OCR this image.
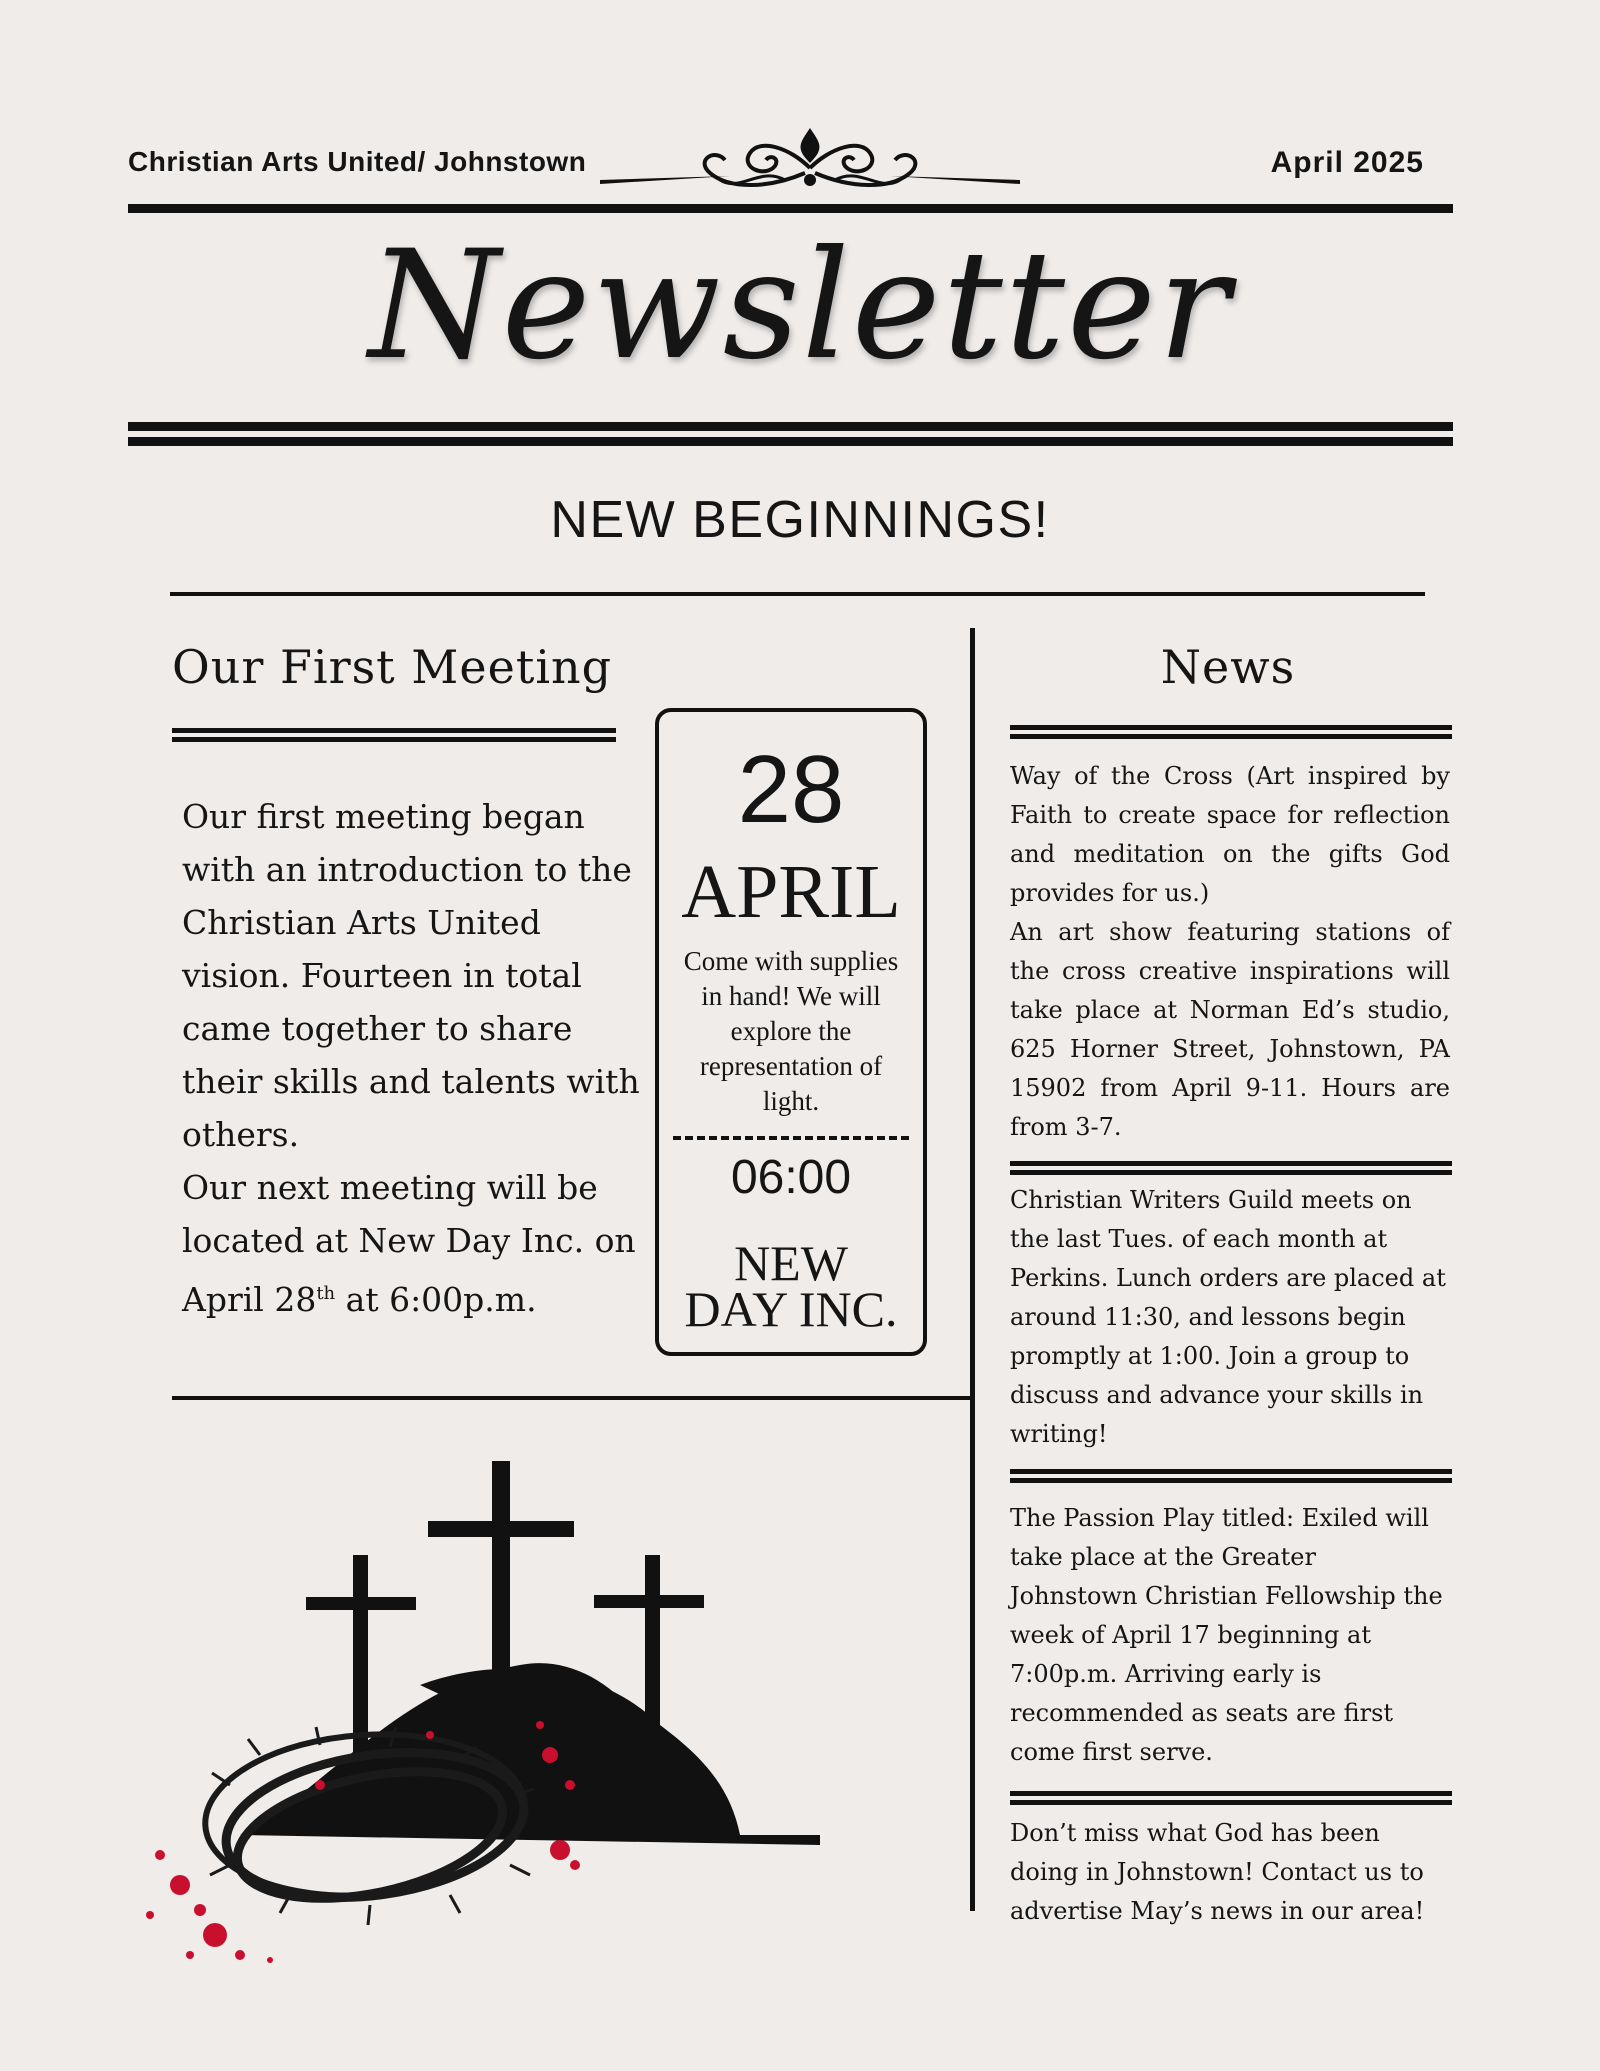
Christian Arts United/ Johnstown	April 2025
Newsletter
NEW BEGINNINGS!
Our First Meeting

Our first meeting began with an introduction to the Christian Arts United vision. Fourteen in total came together to share their skills and talents with others.

Our next meeting will be located at New Day Inc. on April 28th at 6:00p.m.

28
APRIL
Come with supplies in hand! We will explore the representation of light.
06:00
NEW
DAY INC.
News

Way of the Cross (Art inspired by Faith to create space for reflection and meditation on the gifts God provides for us.)

An art show featuring stations of the cross creative inspirations will take place at Norman Ed’s studio, 625 Horner Street, Johnstown, PA 15902 from April 9-11. Hours are from 3-7.

Christian Writers Guild meets on the last Tues. of each month at Perkins. Lunch orders are placed at around 11:30, and lessons begin promptly at 1:00. Join a group to discuss and advance your skills in writing!

The Passion Play titled: Exiled will take place at the Greater Johnstown Christian Fellowship the week of April 17 beginning at 7:00p.m. Arriving early is recommended as seats are first come first serve.

Don’t miss what God has been doing in Johnstown! Contact us to advertise May’s news in our area!
